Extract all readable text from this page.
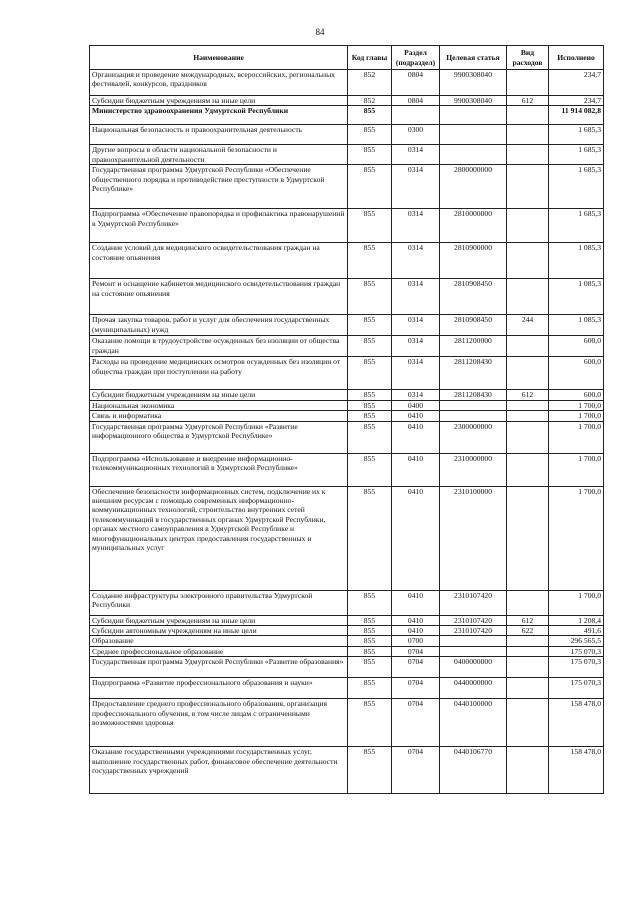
84
Наименование	Код главы	Раздел (подраздел)	Целевая статья	Вид расходов	Исполнено
Организация и проведение международных, всероссийских, региональных фестивалей, конкурсов, праздников	852	0804	9900308040		234,7
Субсидии бюджетным учреждениям на иные цели	852	0804	9900308040	612	234,7
Министерство здравоохранения Удмуртской Республики	855				11 914 082,8
Национальная безопасность и правоохранительная деятельность	855	0300			1 685,3
Другие вопросы в области национальной безопасности и правоохранительной деятельности	855	0314			1 685,3
Государственная программа Удмуртской Республики «Обеспечение общественного порядка и противодействие преступности в Удмуртской Республике»	855	0314	2800000000		1 685,3
Подпрограмма «Обеспечение правопорядка и профилактика правонарушений в Удмуртской Республике»	855	0314	2810000000		1 685,3
Создание условий для медицинского освидетельствования граждан на состояние опьянения	855	0314	2810900000		1 085,3
Ремонт и оснащение кабинетов медицинского освидетельствования граждан на состояние опьянения	855	0314	2810908450		1 085,3
Прочая закупка товаров, работ и услуг для обеспечения государственных (муниципальных) нужд	855	0314	2810908450	244	1 085,3
Оказание помощи в трудоустройстве осужденных без изоляции от общества граждан	855	0314	2811200000		600,0
Расходы на проведение медицинских осмотров осужденных без изоляции от общества граждан при поступлении на работу	855	0314	2811208430		600,0
Субсидии бюджетным учреждениям на иные цели	855	0314	2811208430	612	600,0
Национальная экономика	855	0400			1 700,0
Связь и информатика	855	0410			1 700,0
Государственная программа Удмуртской Республики «Развитие информационного общества в Удмуртской Республике»	855	0410	2300000000		1 700,0
Подпрограмма «Использование и внедрение информационно-телекоммуникационных технологий в Удмуртской Республике»	855	0410	2310000000		1 700,0
Обеспечение безопасности информационных систем, подключение их к внешним ресурсам с помощью современных информационно-коммуникационных технологий, строительство внутренних сетей телекоммуникаций в государственных органах Удмуртской Республики, органах местного самоуправления в Удмуртской Республике и многофункциональных центрах предоставления государственных и муниципальных услуг	855	0410	2310100000		1 700,0
Создание инфраструктуры электронного правительства Удмуртской Республики	855	0410	2310107420		1 700,0
Субсидии бюджетным учреждениям на иные цели	855	0410	2310107420	612	1 208,4
Субсидии автономным учреждениям на иные цели	855	0410	2310107420	622	491,6
Образование	855	0700			296 565,5
Среднее профессиональное образование	855	0704			175 070,3
Государственная программа Удмуртской Республики «Развитие образования»	855	0704	0400000000		175 070,3
Подпрограмма «Развитие профессионального образования и науки»	855	0704	0440000000		175 070,3
Предоставление среднего профессионального образования, организация профессионального обучения, в том числе лицам с ограниченными возможностями здоровья	855	0704	0440100000		158 478,0
Оказание государственными учреждениями государственных услуг, выполнение государственных работ, финансовое обеспечение деятельности государственных учреждений	855	0704	0440106770		158 478,0
